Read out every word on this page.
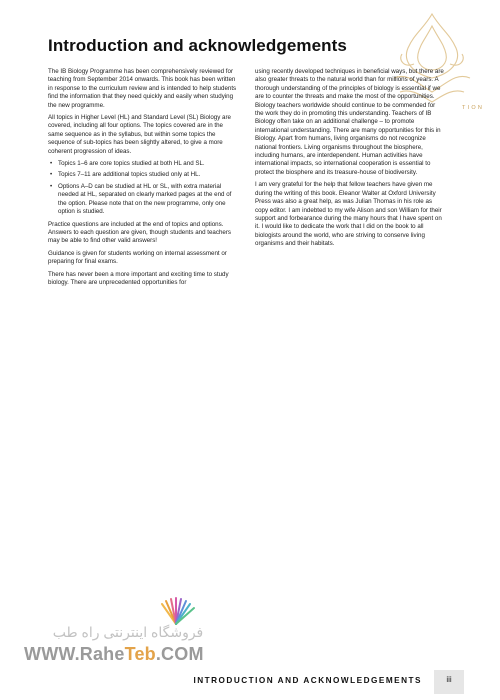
Introduction and acknowledgements
TION

The IB Biology Programme has been comprehensively reviewed for teaching from September 2014 onwards. This book has been written in response to the curriculum review and is intended to help students find the information that they need quickly and easily when studying the new programme.

All topics in Higher Level (HL) and Standard Level (SL) Biology are covered, including all four options. The topics covered are in the same sequence as in the syllabus, but within some topics the sequence of sub-topics has been slightly altered, to give a more coherent progression of ideas.

• Topics 1–6 are core topics studied at both HL and SL.
• Topics 7–11 are additional topics studied only at HL.
• Options A–D can be studied at HL or SL, with extra material needed at HL, separated on clearly marked pages at the end of the option. Please note that on the new programme, only one option is studied.

Practice questions are included at the end of topics and options. Answers to each question are given, though students and teachers may be able to find other valid answers!

Guidance is given for students working on internal assessment or preparing for final exams.

There has never been a more important and exciting time to study biology. There are unprecedented opportunities for

using recently developed techniques in beneficial ways, but there are also greater threats to the natural world than for millions of years. A thorough understanding of the principles of biology is essential if we are to counter the threats and make the most of the opportunities. Biology teachers worldwide should continue to be commended for the work they do in promoting this understanding. Teachers of IB Biology often take on an additional challenge – to promote international understanding. There are many opportunities for this in Biology. Apart from humans, living organisms do not recognize national frontiers. Living organisms throughout the biosphere, including humans, are interdependent. Human activities have international impacts, so international cooperation is essential to protect the biosphere and its treasure-house of biodiversity.

I am very grateful for the help that fellow teachers have given me during the writing of this book. Eleanor Walter at Oxford University Press was also a great help, as was Julian Thomas in his role as copy editor. I am indebted to my wife Alison and son William for their support and forbearance during the many hours that I have spent on it. I would like to dedicate the work that I did on the book to all biologists around the world, who are striving to conserve living organisms and their habitats.

فروشگاه اینترنتی راه طب
WWW.RaheTeb.COM
INTRODUCTION AND ACKNOWLEDGEMENTS	iii
